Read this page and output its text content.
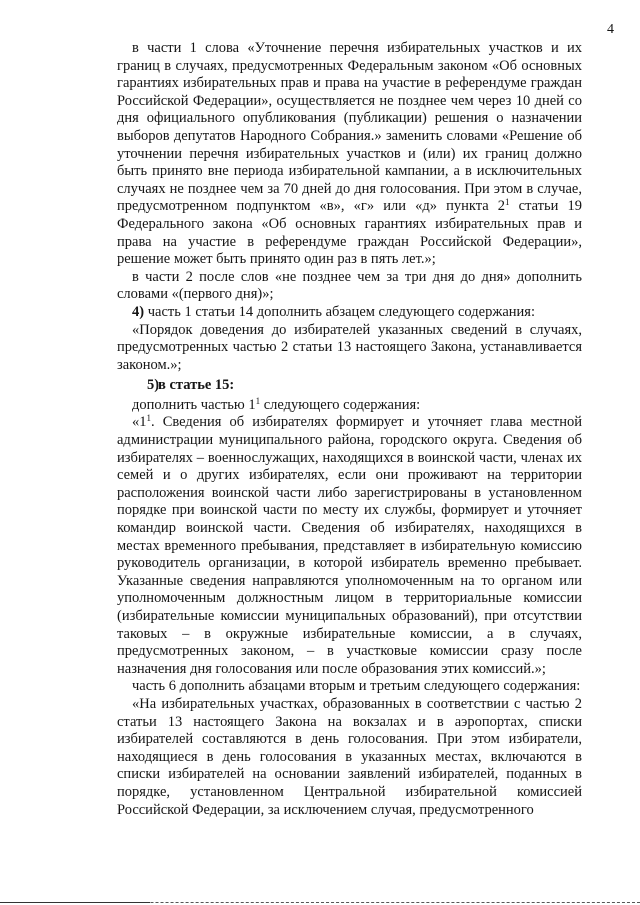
4

в части 1 слова «Уточнение перечня избирательных участков и их границ в случаях, предусмотренных Федеральным законом «Об основных гарантиях избирательных прав и права на участие в референдуме граждан Российской Федерации», осуществляется не позднее чем через 10 дней со дня официального опубликования (публикации) решения о назначении выборов депутатов Народного Собрания.» заменить словами «Решение об уточнении перечня избирательных участков и (или) их границ должно быть принято вне периода избирательной кампании, а в исключительных случаях не позднее чем за 70 дней до дня голосования. При этом в случае, предусмотренном подпунктом «в», «г» или «д» пункта $2^1$ статьи 19 Федерального закона «Об основных гарантиях избирательных прав и права на участие в референдуме граждан Российской Федерации», решение может быть принято один раз в пять лет.»;

в части 2 после слов «не позднее чем за три дня до дня» дополнить словами «(первого дня)»;

4) часть 1 статьи 14 дополнить абзацем следующего содержания:

«Порядок доведения до избирателей указанных сведений в случаях, предусмотренных частью 2 статьи 13 настоящего Закона, устанавливается законом.»;

5)в статье 15:

дополнить частью $1^1$ следующего содержания:

«$1^1$. Сведения об избирателях формирует и уточняет глава местной администрации муниципального района, городского округа. Сведения об избирателях – военнослужащих, находящихся в воинской части, членах их семей и о других избирателях, если они проживают на территории расположения воинской части либо зарегистрированы в установленном порядке при воинской части по месту их службы, формирует и уточняет командир воинской части. Сведения об избирателях, находящихся в местах временного пребывания, представляет в избирательную комиссию руководитель организации, в которой избиратель временно пребывает. Указанные сведения направляются уполномоченным на то органом или уполномоченным должностным лицом в территориальные комиссии (избирательные комиссии муниципальных образований), при отсутствии таковых – в окружные избирательные комиссии, а в случаях, предусмотренных законом, – в участковые комиссии сразу после назначения дня голосования или после образования этих комиссий.»;

часть 6 дополнить абзацами вторым и третьим следующего содержания:

«На избирательных участках, образованных в соответствии с частью 2 статьи 13 настоящего Закона на вокзалах и в аэропортах, списки избирателей составляются в день голосования. При этом избиратели, находящиеся в день голосования в указанных местах, включаются в списки избирателей на основании заявлений избирателей, поданных в порядке, установленном Центральной избирательной комиссией Российской Федерации, за исключением случая, предусмотренного
